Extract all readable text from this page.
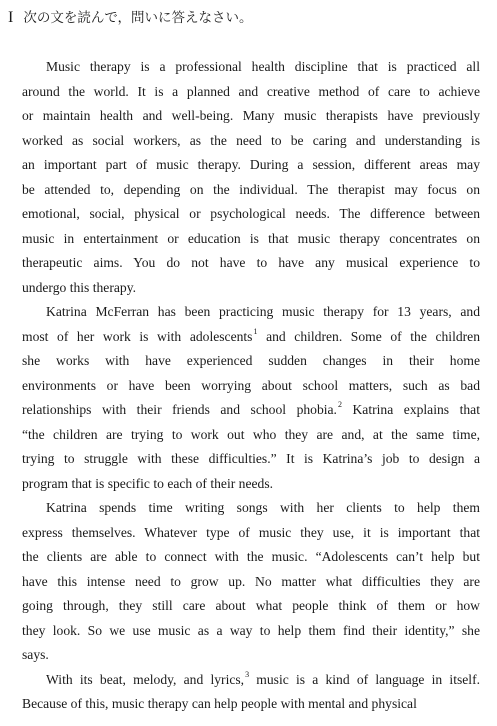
I 次の文を読んで，問いに答えなさい。
Music therapy is a professional health discipline that is practiced all
around the world. It is a planned and creative method of care to achieve
or maintain health and well-being. Many music therapists have previously
worked as social workers, as the need to be caring and understanding is
an important part of music therapy. During a session, different areas may
be attended to, depending on the individual. The therapist may focus on
emotional, social, physical or psychological needs. The difference between
music in entertainment or education is that music therapy concentrates on
therapeutic aims. You do not have to have any musical experience to
undergo this therapy.
Katrina McFerran has been practicing music therapy for 13 years, and
most of her work is with adolescents$^1$ and children. Some of the children
she works with have experienced sudden changes in their home
environments or have been worrying about school matters, such as bad
relationships with their friends and school phobia.$^2$ Katrina explains that
“the children are trying to work out who they are and, at the same time,
trying to struggle with these difficulties.” It is Katrina’s job to design a
program that is specific to each of their needs.
Katrina spends time writing songs with her clients to help them
express themselves. Whatever type of music they use, it is important that
the clients are able to connect with the music. “Adolescents can’t help but
have this intense need to grow up. No matter what difficulties they are
going through, they still care about what people think of them or how
they look. So we use music as a way to help them find their identity,” she
says.
With its beat, melody, and lyrics,$^3$ music is a kind of language in itself.
Because of this, music therapy can help people with mental and physical
